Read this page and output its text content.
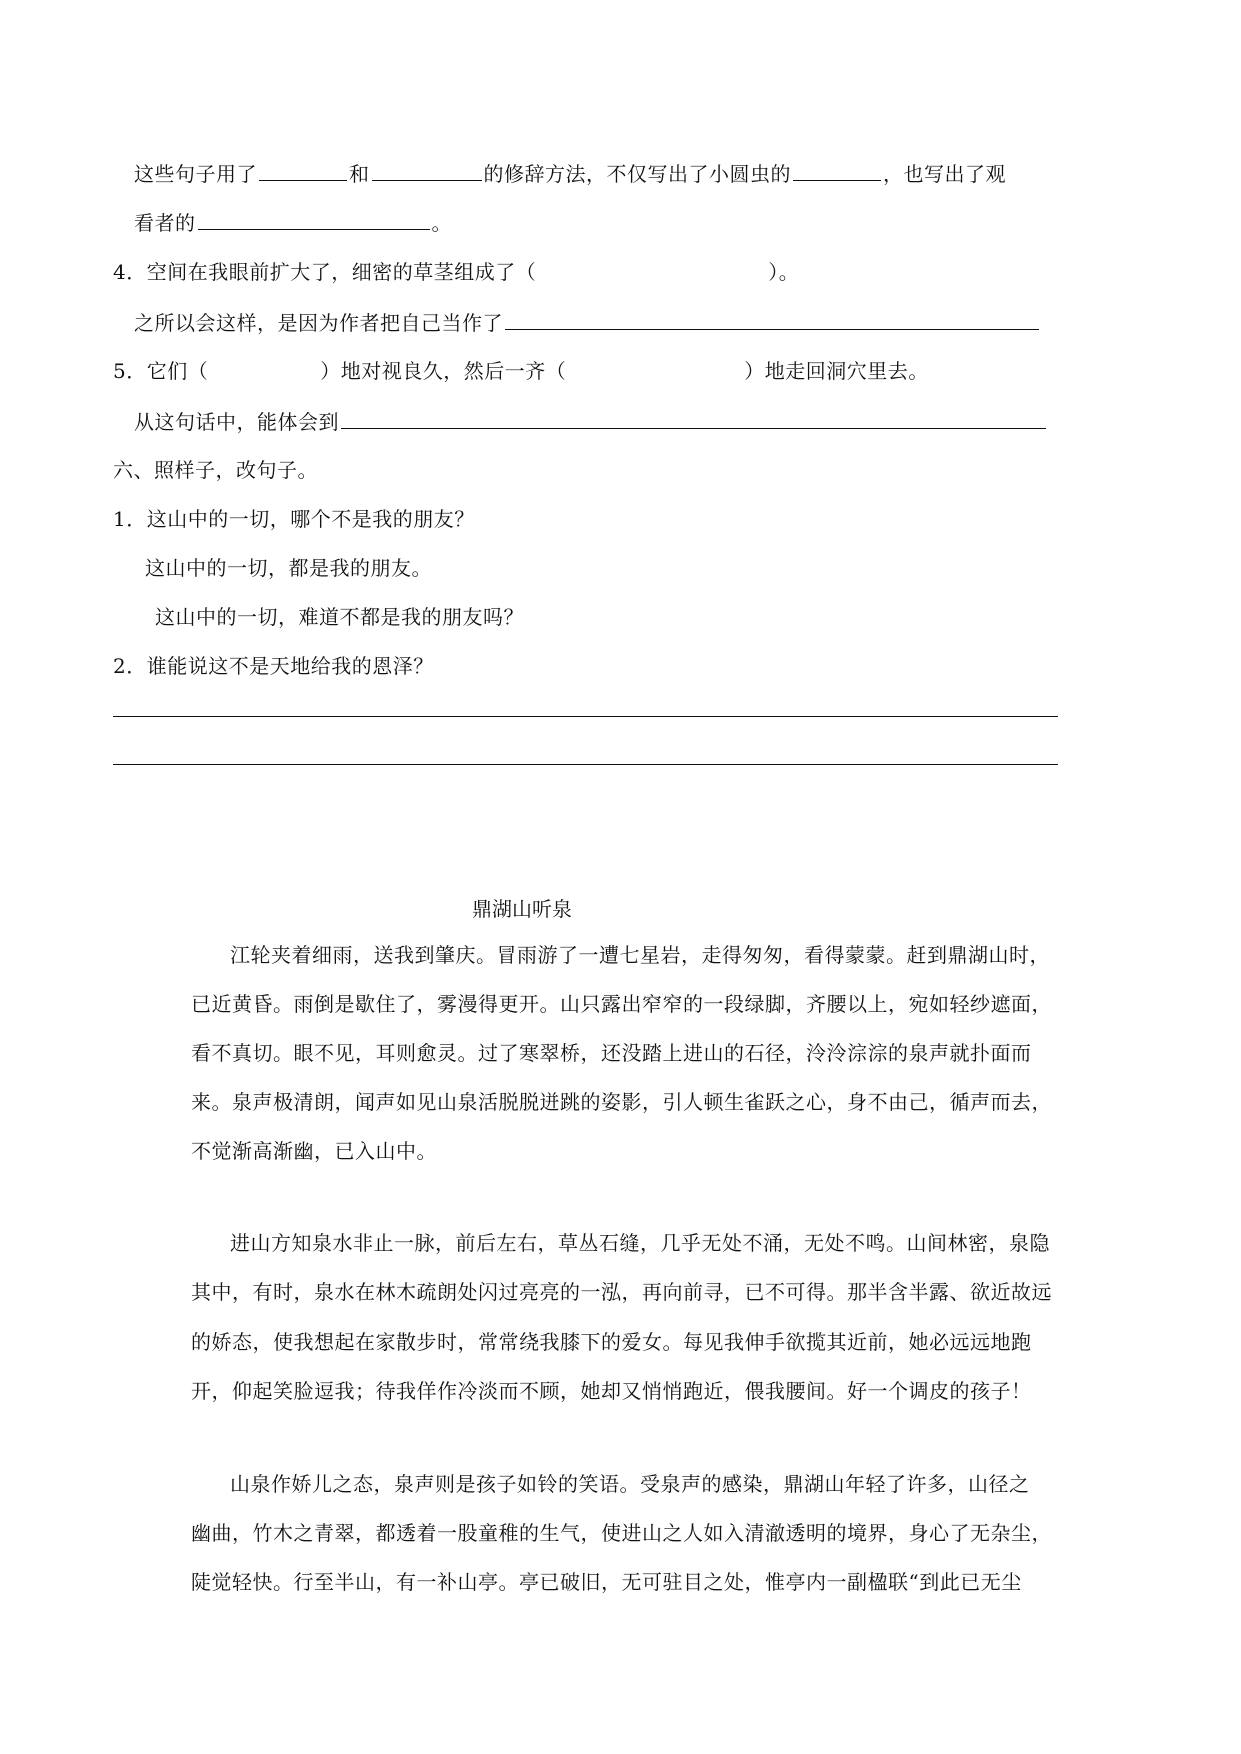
这些句子用了	和	的修辞方法，不仅写出了小圆虫的	，也写出了观
看者的	。
4．空间在我眼前扩大了，细密的草茎组成了（	）。
之所以会这样，是因为作者把自己当作了
5．它们（	）地对视良久，然后一齐（	）地走回洞穴里去。
从这句话中，能体会到
六、照样子，改句子。
1．这山中的一切，哪个不是我的朋友？
这山中的一切，都是我的朋友。
这山中的一切，难道不都是我的朋友吗？
2．谁能说这不是天地给我的恩泽？
鼎湖山听泉
江轮夹着细雨，送我到肇庆。冒雨游了一遭七星岩，走得匆匆，看得蒙蒙。赶到鼎湖山时，
已近黄昏。雨倒是歇住了，雾漫得更开。山只露出窄窄的一段绿脚，齐腰以上，宛如轻纱遮面，
看不真切。眼不见，耳则愈灵。过了寒翠桥，还没踏上进山的石径，泠泠淙淙的泉声就扑面而
来。泉声极清朗，闻声如见山泉活脱脱迸跳的姿影，引人顿生雀跃之心，身不由己，循声而去，
不觉渐高渐幽，已入山中。
进山方知泉水非止一脉，前后左右，草丛石缝，几乎无处不涌，无处不鸣。山间林密，泉隐
其中，有时，泉水在林木疏朗处闪过亮亮的一泓，再向前寻，已不可得。那半含半露、欲近故远
的娇态，使我想起在家散步时，常常绕我膝下的爱女。每见我伸手欲揽其近前，她必远远地跑
开，仰起笑脸逗我；待我佯作冷淡而不顾，她却又悄悄跑近，偎我腰间。好一个调皮的孩子！
山泉作娇儿之态，泉声则是孩子如铃的笑语。受泉声的感染，鼎湖山年轻了许多，山径之
幽曲，竹木之青翠，都透着一股童稚的生气，使进山之人如入清澈透明的境界，身心了无杂尘，
陡觉轻快。行至半山，有一补山亭。亭已破旧，无可驻目之处，惟亭内一副楹联“到此已无尘
